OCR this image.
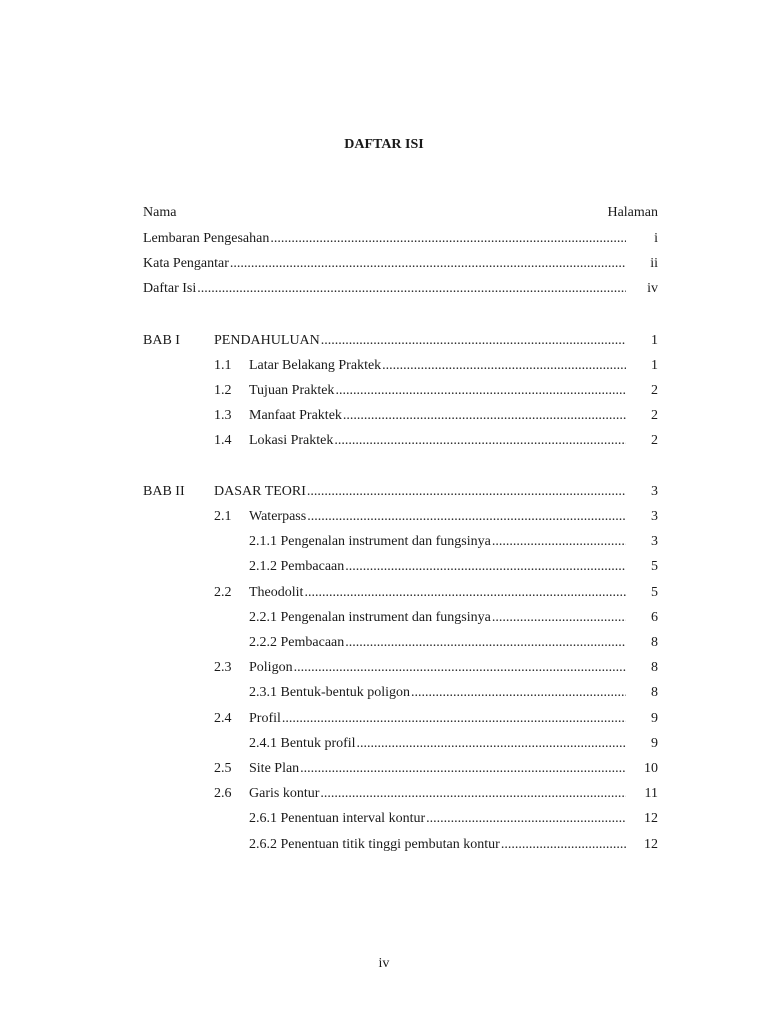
DAFTAR ISI
Nama	Halaman
Lembaran Pengesahan .....	i
Kata Pengantar .....	ii
Daftar Isi .....	iv
BAB I PENDAHULUAN .....	1
1.1 Latar Belakang Praktek .....	1
1.2 Tujuan Praktek .....	2
1.3 Manfaat Praktek .....	2
1.4 Lokasi Praktek .....	2
BAB II DASAR TEORI .....	3
2.1 Waterpass .....	3
2.1.1 Pengenalan instrument dan fungsinya .....	3
2.1.2 Pembacaan .....	5
2.2 Theodolit .....	5
2.2.1 Pengenalan instrument dan fungsinya .....	6
2.2.2 Pembacaan .....	8
2.3 Poligon .....	8
2.3.1 Bentuk-bentuk poligon .....	8
2.4 Profil .....	9
2.4.1 Bentuk profil .....	9
2.5 Site Plan .....	10
2.6 Garis kontur .....	11
2.6.1 Penentuan interval kontur .....	12
2.6.2 Penentuan titik tinggi pembutan kontur .....	12
iv
